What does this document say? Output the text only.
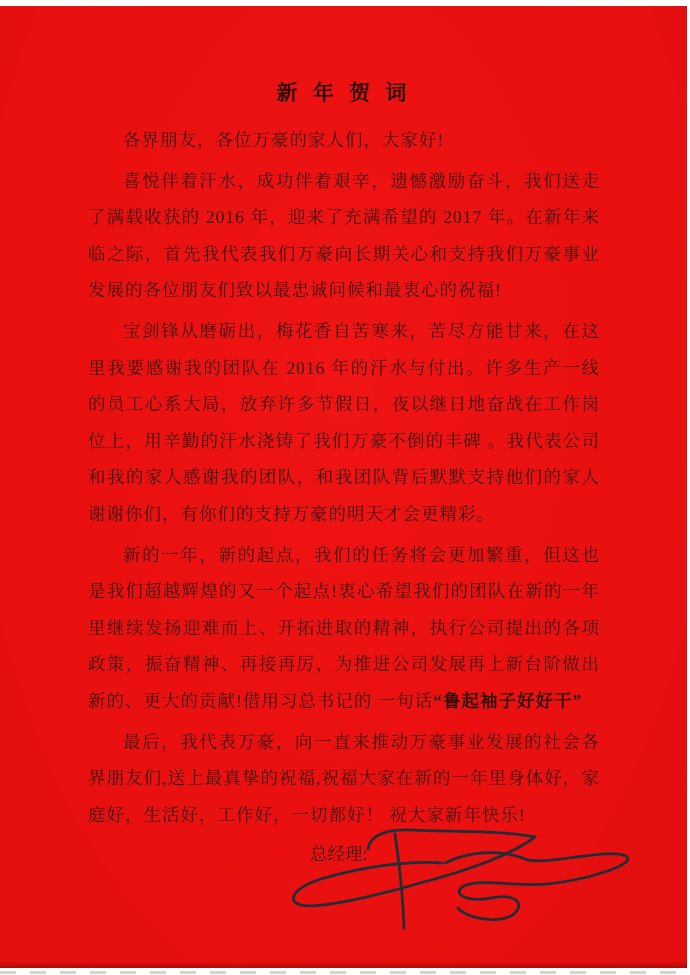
新 年 贺 词

各界朋友，各位万豪的家人们，大家好!

喜悦伴着汗水，成功伴着艰辛，遗憾激励奋斗，我们送走了满载收获的 2016 年，迎来了充满希望的 2017 年。在新年来临之际，首先我代表我们万豪向长期关心和支持我们万豪事业发展的各位朋友们致以最忠诚问候和最衷心的祝福!

宝剑锋从磨砺出，梅花香自苦寒来，苦尽方能甘来，在这里我要感谢我的团队在 2016 年的汗水与付出。许多生产一线的员工心系大局，放弃许多节假日，夜以继日地奋战在工作岗位上，用辛勤的汗水浇铸了我们万豪不倒的丰碑 。我代表公司和我的家人感谢我的团队，和我团队背后默默支持他们的家人谢谢你们，有你们的支持万豪的明天才会更精彩。

新的一年，新的起点，我们的任务将会更加繁重，但这也是我们超越辉煌的又一个起点!衷心希望我们的团队在新的一年里继续发扬迎难而上、开拓进取的精神，执行公司提出的各项政策，振奋精神、再接再厉，为推进公司发展再上新台阶做出新的、更大的贡献!借用习总书记的 一句话“鲁起袖子好好干”

最后，我代表万豪，向一直来推动万豪事业发展的社会各界朋友们,送上最真挚的祝福,祝福大家在新的一年里身体好，家庭好，生活好，工作好，一切都好！ 祝大家新年快乐!

总经理:
